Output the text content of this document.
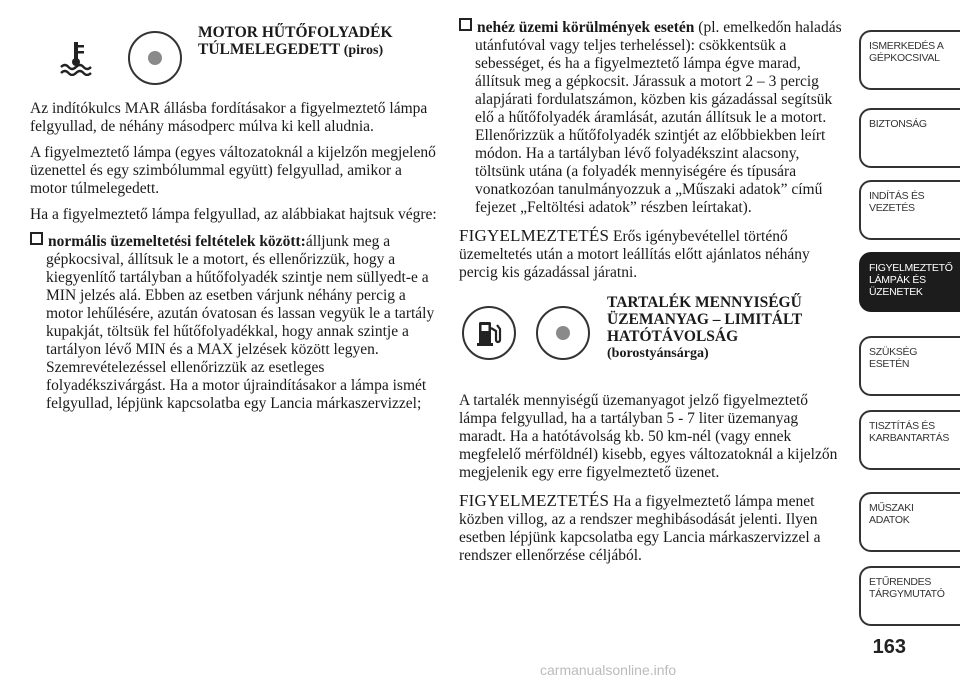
MOTOR HŰTŐFOLYADÉK TÚLMELEGEDETT (piros)

Az indítókulcs MAR állásba fordításakor a figyelmeztető lámpa felgyullad, de néhány másodperc múlva ki kell aludnia.

A figyelmeztető lámpa (egyes változatoknál a kijelzőn megjelenő üzenettel és egy szimbólummal együtt) felgyullad, amikor a motor túlmelegedett.

Ha a figyelmeztető lámpa felgyullad, az alábbiakat hajtsuk végre:

normális üzemeltetési feltételek között:álljunk meg a gépkocsival, állítsuk le a motort, és ellenőrizzük, hogy a kiegyenlítő tartályban a hűtőfolyadék szintje nem süllyedt-e a MIN jelzés alá. Ebben az esetben várjunk néhány percig a motor lehűlésére, azután óvatosan és lassan vegyük le a tartály kupakját, töltsük fel hűtőfolyadékkal, hogy annak szintje a tartályon lévő MIN és a MAX jelzések között legyen. Szemrevételezéssel ellenőrizzük az esetleges folyadékszivárgást. Ha a motor újraindításakor a lámpa ismét felgyullad, lépjünk kapcsolatba egy Lancia márkaszervizzel;
nehéz üzemi körülmények esetén (pl. emelkedőn haladás utánfutóval vagy teljes terheléssel): csökkentsük a sebességet, és ha a figyelmeztető lámpa égve marad, állítsuk meg a gépkocsit. Járassuk a motort 2 – 3 percig alapjárati fordulatszámon, közben kis gázadással segítsük elő a hűtőfolyadék áramlását, azután állítsuk le a motort. Ellenőrizzük a hűtőfolyadék szintjét az előbbiekben leírt módon. Ha a tartályban lévő folyadékszint alacsony, töltsünk utána (a folyadék mennyiségére és típusára vonatkozóan tanulmányozzuk a „Műszaki adatok” című fejezet „Feltöltési adatok” részben leírtakat).

FIGYELMEZTETÉS Erős igénybevétellel történő üzemeltetés után a motort leállítás előtt ajánlatos néhány percig kis gázadással járatni.

TARTALÉK MENNYISÉGŰ ÜZEMANYAG – LIMITÁLT HATÓTÁVOLSÁG
(borostyánsárga)

A tartalék mennyiségű üzemanyagot jelző figyelmeztető lámpa felgyullad, ha a tartályban 5 - 7 liter üzemanyag maradt. Ha a hatótávolság kb. 50 km-nél (vagy ennek megfelelő mérföldnél) kisebb, egyes változatoknál a kijelzőn megjelenik egy erre figyelmeztető üzenet.

FIGYELMEZTETÉS Ha a figyelmeztető lámpa menet közben villog, az a rendszer meghibásodását jelenti. Ilyen esetben lépjünk kapcsolatba egy Lancia márkaszervizzel a rendszer ellenőrzése céljából.

ISMERKEDÉS A GÉPKOCSIVAL
BIZTONSÁG
INDÍTÁS ÉS VEZETÉS
FIGYELMEZTETŐ LÁMPÁK ÉS ÜZENETEK
SZÜKSÉG ESETÉN
TISZTÍTÁS ÉS KARBANTARTÁS
MŰSZAKI ADATOK
ETŰRENDES TÁRGYMUTATÓ
163
carmanualsonline.info
